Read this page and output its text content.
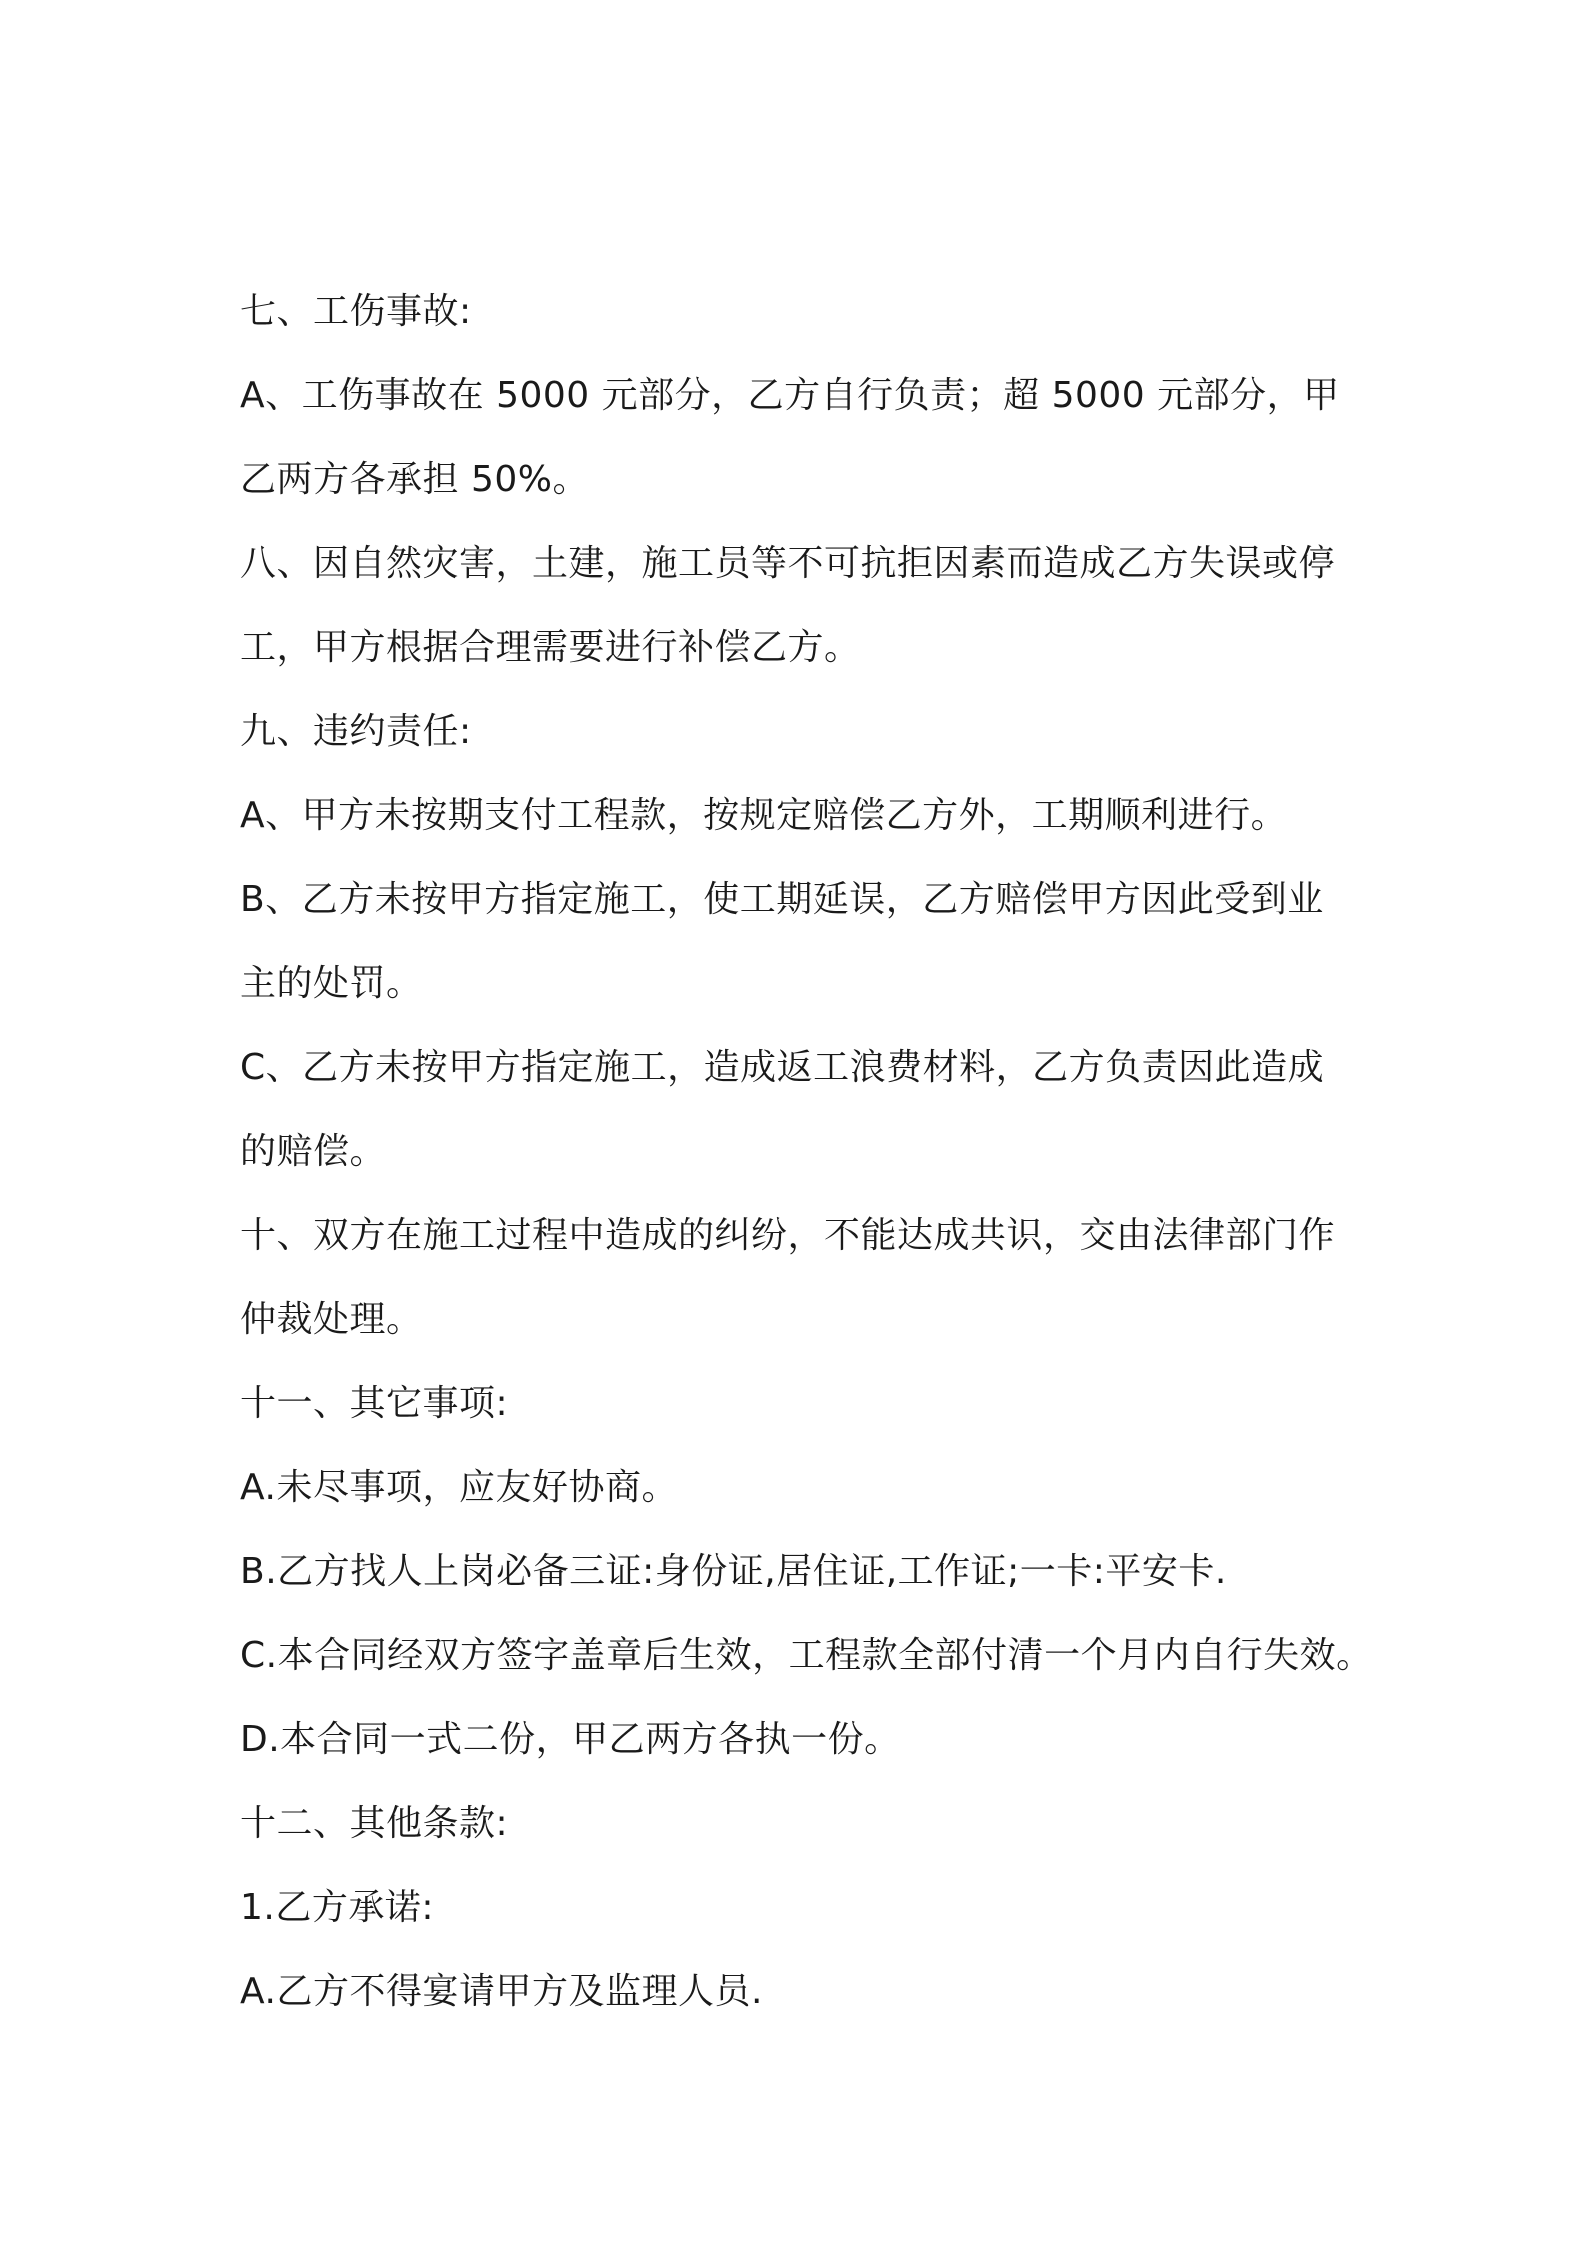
七、工伤事故:

A、工伤事故在 5000 元部分，乙方自行负责；超 5000 元部分，甲

乙两方各承担 50%。

八、因自然灾害，土建，施工员等不可抗拒因素而造成乙方失误或停

工，甲方根据合理需要进行补偿乙方。

九、违约责任:

A、甲方未按期支付工程款，按规定赔偿乙方外，工期顺利进行。

B、乙方未按甲方指定施工，使工期延误，乙方赔偿甲方因此受到业

主的处罚。

C、乙方未按甲方指定施工，造成返工浪费材料，乙方负责因此造成

的赔偿。

十、双方在施工过程中造成的纠纷，不能达成共识，交由法律部门作

仲裁处理。

十一、其它事项:

A.未尽事项，应友好协商。

B.乙方找人上岗必备三证:身份证,居住证,工作证;一卡:平安卡.

C.本合同经双方签字盖章后生效，工程款全部付清一个月内自行失效。

D.本合同一式二份，甲乙两方各执一份。

十二、其他条款:

1.乙方承诺:

A.乙方不得宴请甲方及监理人员.
